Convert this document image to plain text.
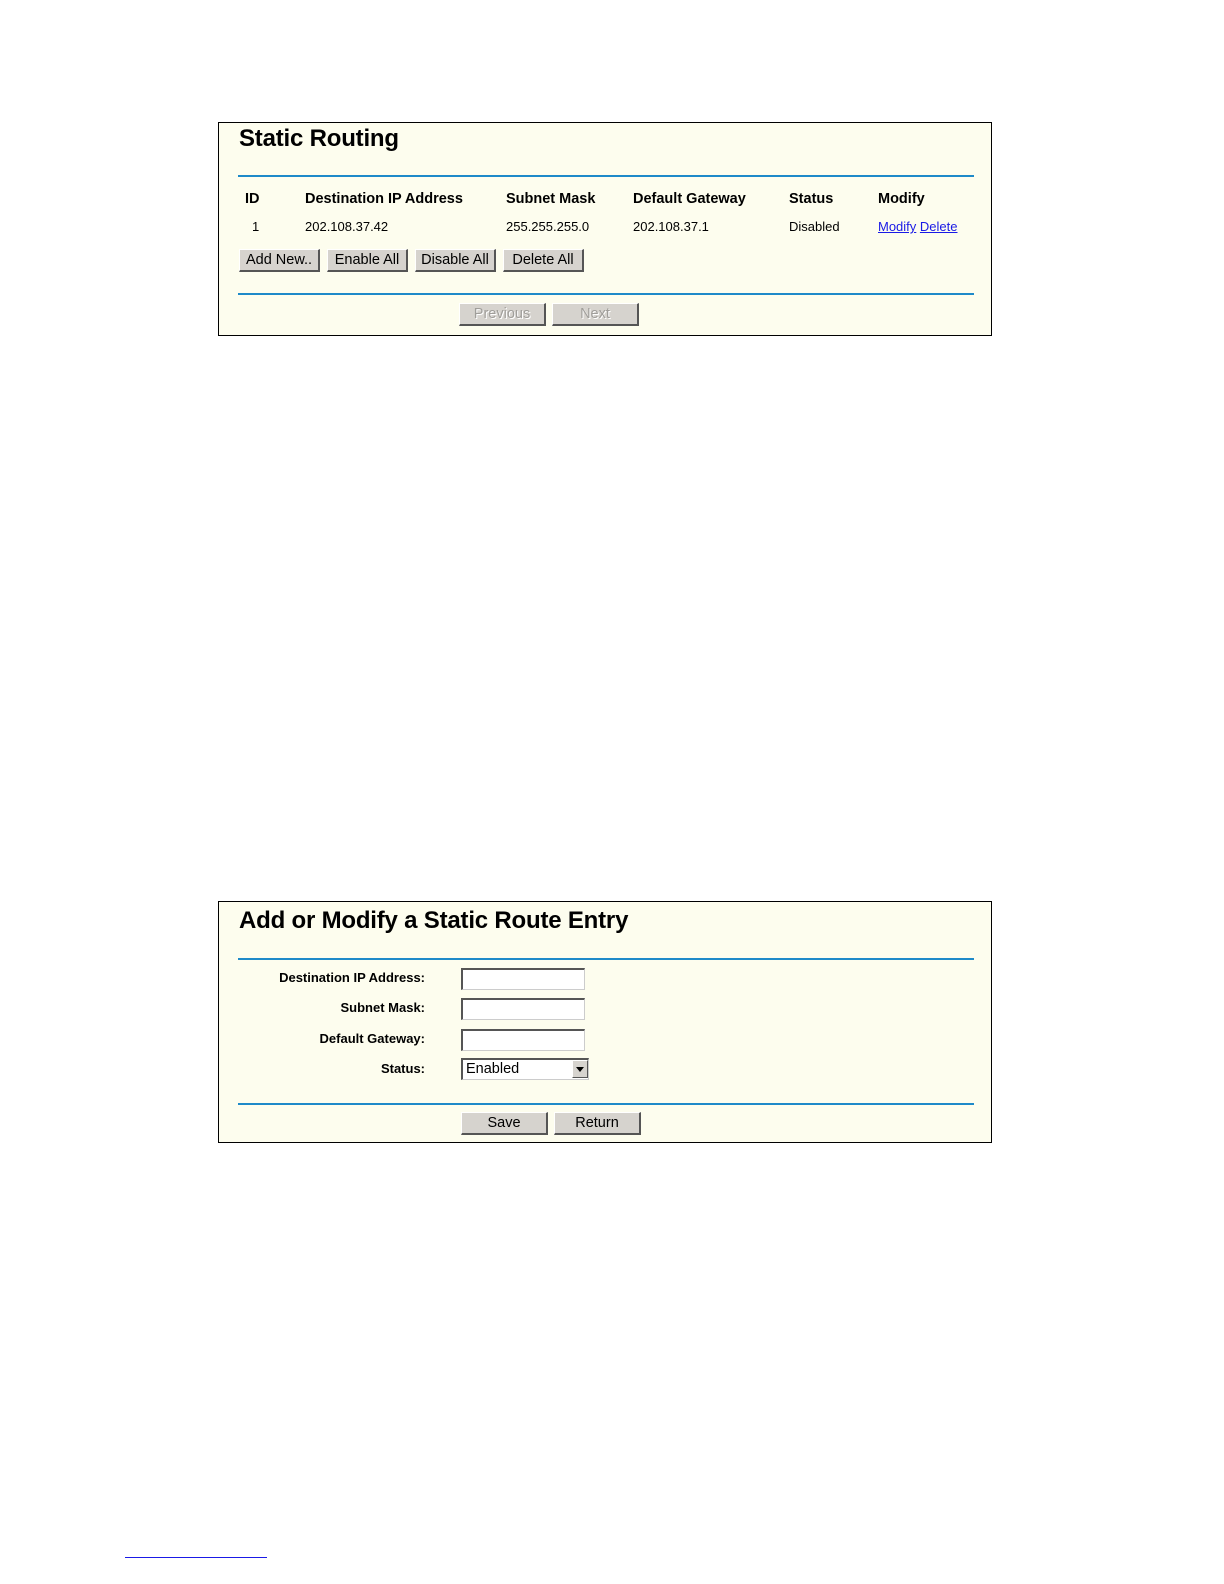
Static Routing
ID	Destination IP Address	Subnet Mask	Default Gateway	Status	Modify
1	202.108.37.42	255.255.255.0	202.108.37.1	Disabled	Modify Delete
Add New..	Enable All	Disable All	Delete All
Previous	Next
Add or Modify a Static Route Entry
Destination IP Address:
Subnet Mask:
Default Gateway:
Status:	Enabled
Save	Return
